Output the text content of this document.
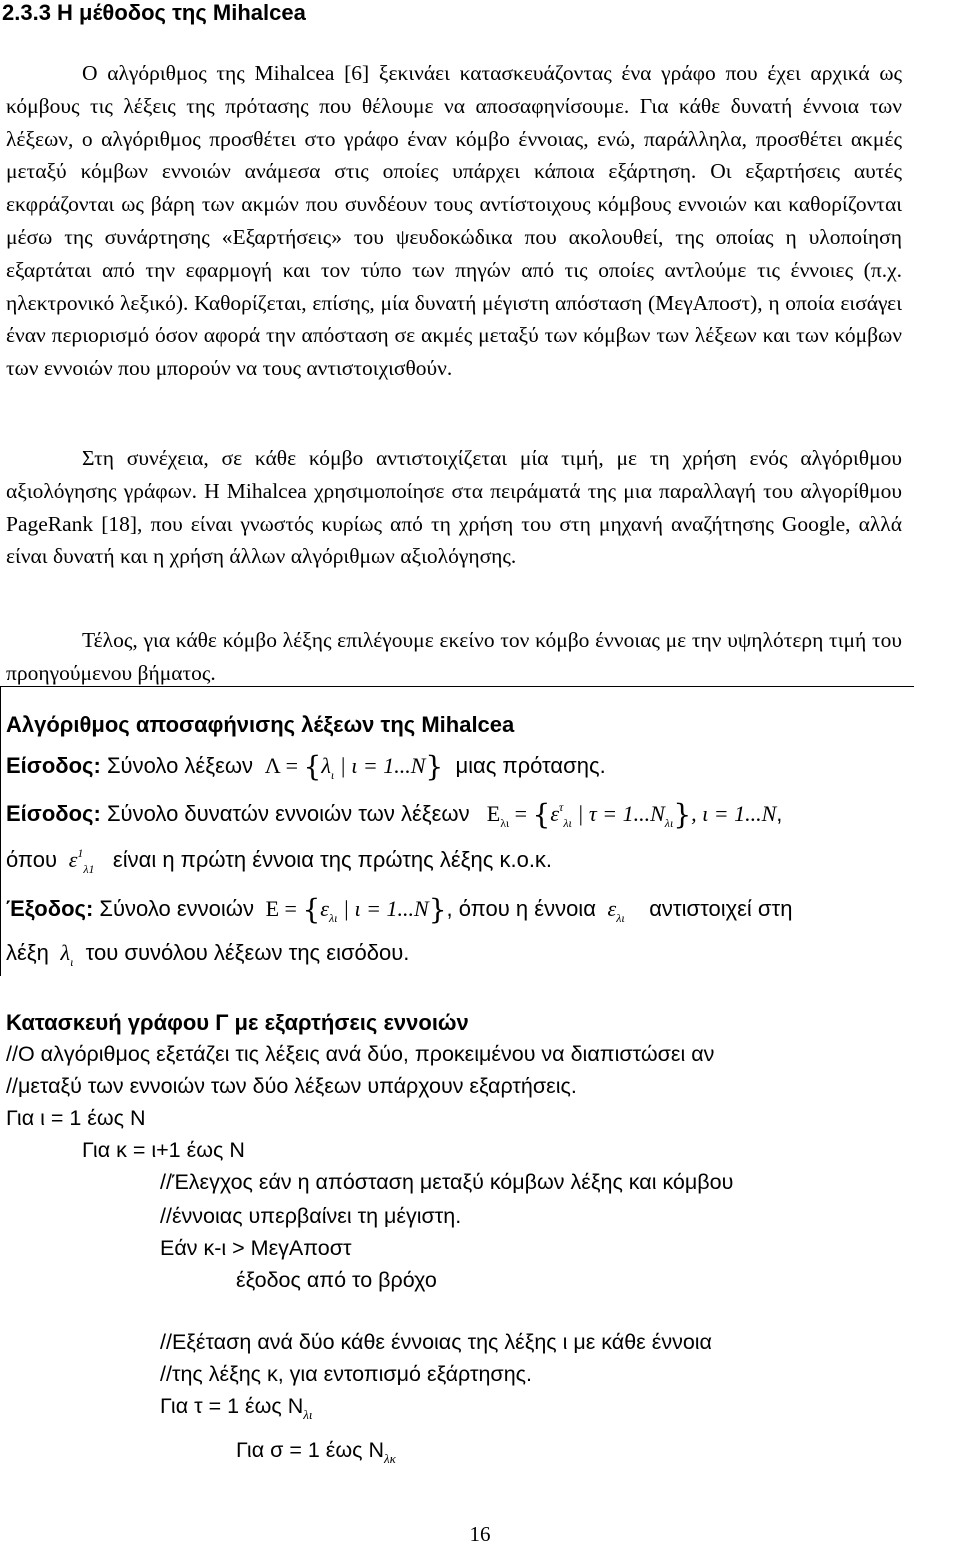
2.3.3 Η μέθοδος της Mihalcea
Ο αλγόριθμος της Mihalcea [6] ξεκινάει κατασκευάζοντας ένα γράφο που έχει αρχικά ως κόμβους τις λέξεις της πρότασης που θέλουμε να αποσαφηνίσουμε. Για κάθε δυνατή έννοια των λέξεων, ο αλγόριθμος προσθέτει στο γράφο έναν κόμβο έννοιας, ενώ, παράλληλα, προσθέτει ακμές μεταξύ κόμβων εννοιών ανάμεσα στις οποίες υπάρχει κάποια εξάρτηση. Οι εξαρτήσεις αυτές εκφράζονται ως βάρη των ακμών που συνδέουν τους αντίστοιχους κόμβους εννοιών και καθορίζονται μέσω της συνάρτησης «Εξαρτήσεις» του ψευδοκώδικα που ακολουθεί, της οποίας η υλοποίηση εξαρτάται από την εφαρμογή και τον τύπο των πηγών από τις οποίες αντλούμε τις έννοιες (π.χ. ηλεκτρονικό λεξικό). Καθορίζεται, επίσης, μία δυνατή μέγιστη απόσταση (ΜεγΑποστ), η οποία εισάγει έναν περιορισμό όσον αφορά την απόσταση σε ακμές μεταξύ των κόμβων των λέξεων και των κόμβων των εννοιών που μπορούν να τους αντιστοιχισθούν.
Στη συνέχεια, σε κάθε κόμβο αντιστοιχίζεται μία τιμή, με τη χρήση ενός αλγόριθμου αξιολόγησης γράφων. Η Mihalcea χρησιμοποίησε στα πειράματά της μια παραλλαγή του αλγορίθμου PageRank [18], που είναι γνωστός κυρίως από τη χρήση του στη μηχανή αναζήτησης Google, αλλά είναι δυνατή και η χρήση άλλων αλγόριθμων αξιολόγησης.
Τέλος, για κάθε κόμβο λέξης επιλέγουμε εκείνο τον κόμβο έννοιας με την υψηλότερη τιμή του προηγούμενου βήματος.
Αλγόριθμος αποσαφήνισης λέξεων της Mihalcea
Είσοδος: Σύνολο λέξεων  $\Lambda = \{\lambda_\iota$ | ι = 1...N} μιας πρότασης.
Είσοδος: Σύνολο δυνατών εννοιών των λέξεων   $E_{\lambda\iota} = \{\varepsilon^\tau_{\lambda\iota}$ | $\tau = 1...N_{\lambda\iota}$}, ι = 1...Ν,
όπου  $\varepsilon^1_{\lambda 1}$ είναι η πρώτη έννοια της πρώτης λέξης κ.ο.κ.
Έξοδος: Σύνολο εννοιών  $E = \{\varepsilon_{\lambda\iota}$ | ι = 1...Ν}, όπου η έννοια  $\varepsilon_{\lambda\iota}$ αντιστοιχεί στη
λέξη  $\lambda_\iota$ του συνόλου λέξεων της εισόδου.
Κατασκευή γράφου Γ με εξαρτήσεις εννοιών
//Ο αλγόριθμος εξετάζει τις λέξεις ανά δύο, προκειμένου να διαπιστώσει αν
//μεταξύ των εννοιών των δύο λέξεων υπάρχουν εξαρτήσεις.
Για ι = 1 έως Ν
Για κ = ι+1 έως Ν
//Έλεγχος εάν η απόσταση μεταξύ κόμβων λέξης και κόμβου
//έννοιας υπερβαίνει τη μέγιστη.
Εάν κ-ι > ΜεγΑποστ
έξοδος από το βρόχο
//Εξέταση ανά δύο κάθε έννοιας της λέξης ι με κάθε έννοια
//της λέξης κ, για εντοπισμό εξάρτησης.
Για τ = 1 έως $N_{\lambda\iota}$
Για σ = 1 έως $N_{\lambda\kappa}$
16
